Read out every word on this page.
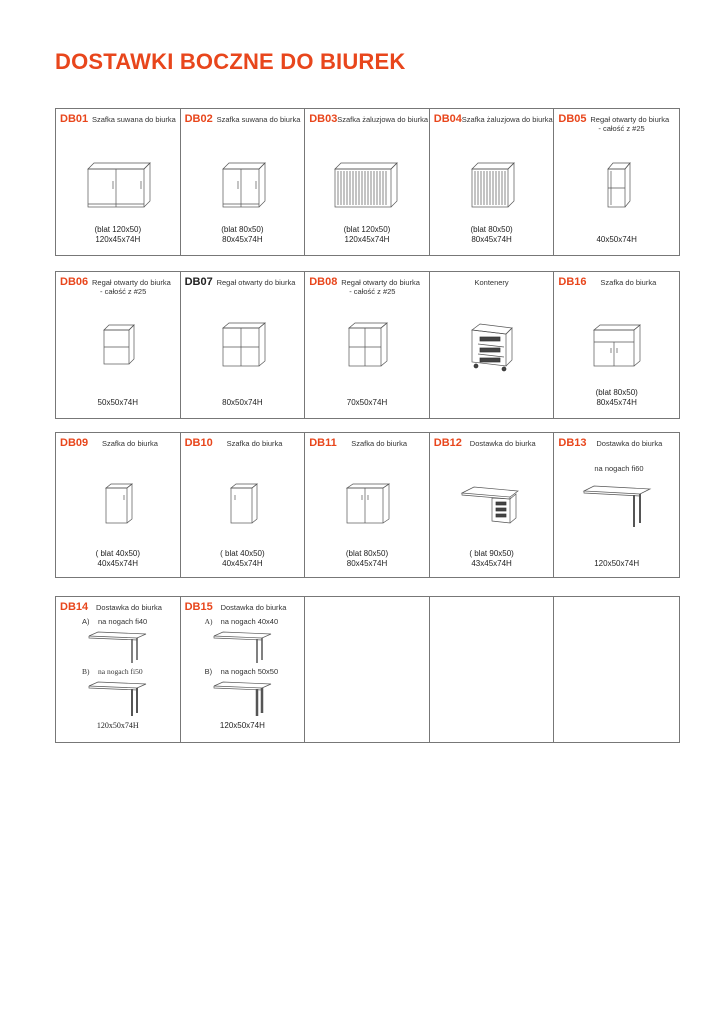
DOSTAWKI BOCZNE DO BIUREK
DB01 Szafka suwana do biurka
(blat 120x50)
120x45x74H
DB02 Szafka suwana do biurka
(blat 80x50)
80x45x74H
DB03 Szafka żaluzjowa do biurka
(blat 120x50)
120x45x74H
DB04 Szafka żaluzjowa do biurka
(blat 80x50)
80x45x74H
DB05 Regał otwarty do biurka
- całość z #25
40x50x74H
DB06 Regał otwarty do biurka
- całość z #25
50x50x74H
DB07 Regał otwarty do biurka
80x50x74H
DB08 Regał otwarty do biurka
- całość z #25
70x50x74H
Kontenery	DB16 Szafka do biurka
(blat 80x50)
80x45x74H
DB09 Szafka do biurka
( blat 40x50)
40x45x74H
DB10 Szafka do biurka
( blat 40x50)
40x45x74H
DB11 Szafka do biurka
(blat 80x50)
80x45x74H
DB12 Dostawka do biurka
( blat 90x50)
43x45x74H
DB13 Dostawka do biurka
na nogach fi60
120x50x74H
DB14 Dostawka do biurka
A) na nogach fi40
B) na nogach fi50
120x50x74H
DB15 Dostawka do biurka
A) na nogach 40x40
B) na nogach 50x50
120x50x74H
